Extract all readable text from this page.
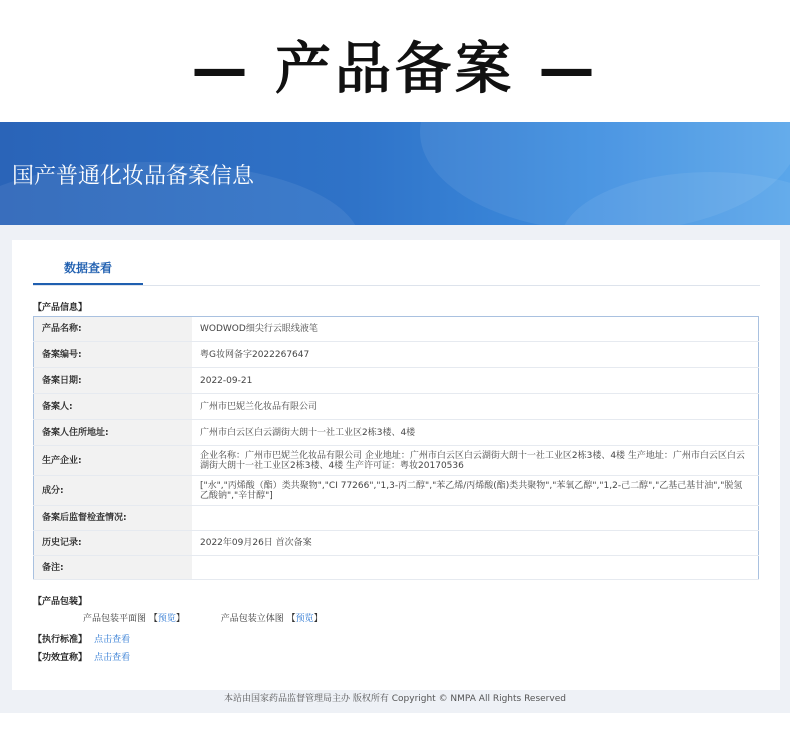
— 产品备案 —
国产普通化妆品备案信息
数据查看
【产品信息】
产品名称:	WODWOD细尖行云眼线液笔
备案编号:	粤G妆网备字2022267647
备案日期:	2022-09-21
备案人:	广州市巴妮兰化妆品有限公司
备案人住所地址:	广州市白云区白云湖街大朗十一社工业区2栋3楼、4楼
生产企业:	企业名称：广州市巴妮兰化妆品有限公司 企业地址：广州市白云区白云湖街大朗十一社工业区2栋3楼、4楼 生产地址：广州市白云区白云湖街大朗十一社工业区2栋3楼、4楼 生产许可证：粤妆20170536
成分:	["水","丙烯酸（酯）类共聚物","CI 77266","1,3-丙二醇","苯乙烯/丙烯酸(酯)类共聚物","苯氧乙醇","1,2-己二醇","乙基己基甘油","脱氢乙酸钠","辛甘醇"]
备案后监督检查情况:	
历史记录:	2022年09月26日 首次备案
备注:	
【产品包装】
产品包装平面图 【预览】	产品包装立体图 【预览】
【执行标准】 点击查看
【功效宣称】 点击查看
本站由国家药品监督管理局主办 版权所有 Copyright © NMPA All Rights Reserved
